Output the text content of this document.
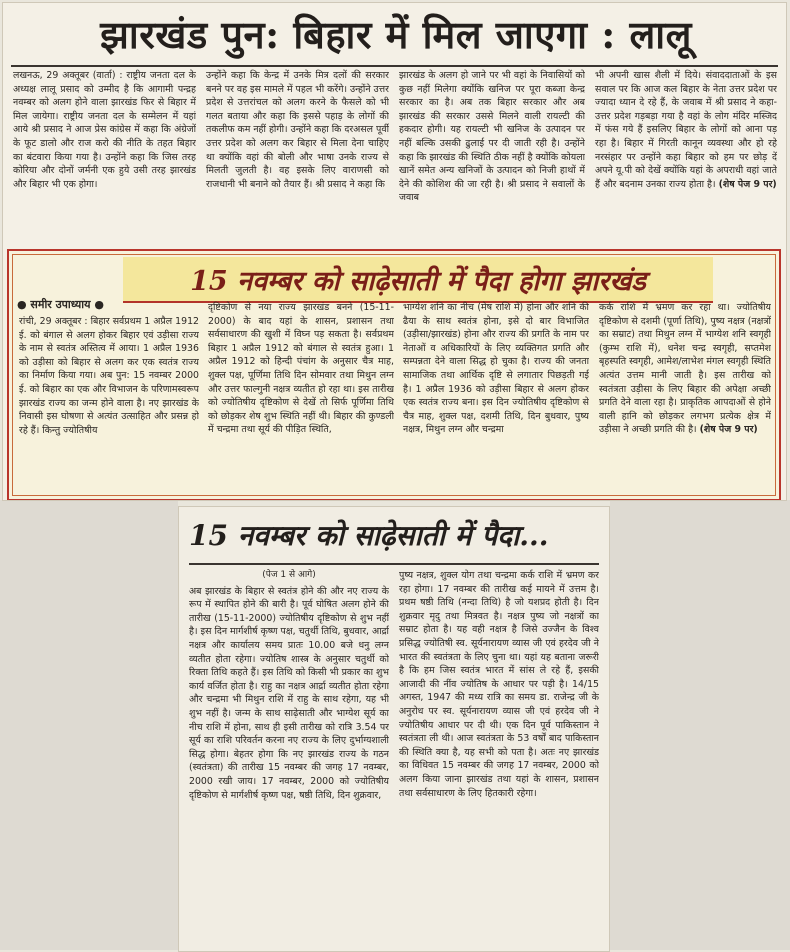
झारखंड पुन: बिहार में मिल जाएगा : लालू
लखनऊ, 29 अक्तूबर (वार्ता) : राष्ट्रीय जनता दल के अध्यक्ष लालू प्रसाद को उम्मीद है कि आगामी पन्द्रह नवम्बर को अलग होने वाला झारखंड फिर से बिहार में मिल जायेगा। राष्ट्रीय जनता दल के सम्मेलन में यहां आये श्री प्रसाद ने आज प्रेस कांग्रेस में कहा कि अंग्रेजों के फूट डालो और राज करो की नीति के तहत बिहार का बंटवारा किया गया है। उन्होंने कहा कि जिस तरह कोरिया और दोनों जर्मनी एक हुये उसी तरह झारखंड और बिहार भी एक होगा।
उन्होंने कहा कि केन्द्र में उनके मित्र दलों की सरकार बनने पर वह इस मामले में पहल भी करेंगे। उन्होंने उत्तर प्रदेश से उत्तरांचल को अलग करने के फैसले को भी गलत बताया और कहा कि इससे पहाड़ के लोगों की तकलीफ कम नहीं होगी। उन्होंने कहा कि दरअसल पूर्वी उत्तर प्रदेश को अलग कर बिहार से मिला देना चाहिए था क्योंकि वहां की बोली और भाषा उनके राज्य से मिलती जुलती है। वह इसके लिए वाराणसी को राजधानी भी बनाने को तैयार हैं। श्री प्रसाद ने कहा कि
झारखंड के अलग हो जाने पर भी वहां के निवासियों को कुछ नहीं मिलेगा क्योंकि खनिज पर पूरा कब्जा केन्द्र सरकार का है। अब तक बिहार सरकार और अब झारखंड की सरकार उससे मिलने वाली रायल्टी की हकदार होगी। यह रायल्टी भी खनिज के उत्पादन पर नहीं बल्कि उसकी ढुलाई पर दी जाती रही है। उन्होंने कहा कि झारखंड की स्थिति ठीक नहीं है क्योंकि कोयला खानें समेत अन्य खनिजों के उत्पादन को निजी हाथों में देने की कोशिश की जा रही है। श्री प्रसाद ने सवालों के जवाब
भी अपनी खास शैली में दिये। संवाददाताओं के इस सवाल पर कि आज कल बिहार के नेता उत्तर प्रदेश पर ज्यादा ध्यान दे रहे हैं, के जवाब में श्री प्रसाद ने कहा- उत्तर प्रदेश गड़बड़ा गया है वहां के लोग मंदिर मस्जिद में फंस गये हैं इसलिए बिहार के लोगों को आना पड़ रहा है। बिहार में गिरती कानून व्यवस्था और हो रहे नरसंहार पर उन्होंने कहा बिहार को हम पर छोड़ दें अपने यू.पी को देखें क्योंकि यहां के अपराधी वहां जाते हैं और बदनाम उनका राज्य होता है। (शेष पेज 9 पर)
15 नवम्बर को साढ़ेसाती में पैदा होगा झारखंड
● समीर उपाध्याय ●
रांची, 29 अक्तूबर : बिहार सर्वप्रथम 1 अप्रैल 1912 ई. को बंगाल से अलग होकर बिहार एवं उड़ीसा राज्य के नाम से स्वतंत्र अस्तित्व में आया। 1 अप्रैल 1936 को उड़ीसा को बिहार से अलग कर एक स्वतंत्र राज्य का निर्माण किया गया। अब पुन: 15 नवम्बर 2000 ई. को बिहार का एक और विभाजन के परिणामस्वरूप झारखंड राज्य का जन्म होने वाला है। नए झारखंड के निवासी इस घोषणा से अत्यंत उत्साहित और प्रसन्न हो रहे हैं। किन्तु ज्योतिषीय
दृष्टिकोण से नया राज्य झारखंड बनने (15-11-2000) के बाद यहां के शासन, प्रशासन तथा सर्वसाधारण की खुशी में विघ्न पड़ सकता है। सर्वप्रथम बिहार 1 अप्रैल 1912 को बंगाल से स्वतंत्र हुआ। 1 अप्रैल 1912 को हिन्दी पंचांग के अनुसार चैत्र माह, शुक्ल पक्ष, पूर्णिमा तिथि दिन सोमवार तथा मिथुन लग्न और उत्तर फाल्गुनी नक्षत्र व्यतीत हो रहा था। इस तारीख को ज्योतिषीय दृष्टिकोण से देखें तो सिर्फ पूर्णिमा तिथि को छोड़कर शेष शुभ स्थिति नहीं थी। बिहार की कुण्डली में चन्द्रमा तथा सूर्य की पीड़ित स्थिति,
भाग्येश शनि का नीच (मेष राशि में) होना और शनि की ढैया के साथ स्वतंत्र होना, इसे दो बार विभाजित (उड़ीसा/झारखंड) होना और राज्य की प्रगति के नाम पर नेताओं व अधिकारियों के लिए व्यक्तिगत प्रगति और सम्पन्नता देने वाला सिद्ध हो चुका है। राज्य की जनता सामाजिक तथा आर्थिक दृष्टि से लगातार पिछड़ती गई है। 1 अप्रैल 1936 को उड़ीसा बिहार से अलग होकर एक स्वतंत्र राज्य बना। इस दिन ज्योतिषीय दृष्टिकोण से चैत्र माह, शुक्ल पक्ष, दशमी तिथि, दिन बुधवार, पुष्य नक्षत्र, मिथुन लग्न और चन्द्रमा
कर्क राशि में भ्रमण कर रहा था। ज्योतिषीय दृष्टिकोण से दशमी (पूर्णा तिथि), पुष्य नक्षत्र (नक्षत्रों का सम्राट) तथा मिथुन लग्न में भाग्येश शनि स्वगृही (कुम्भ राशि में), धनेश चन्द्र स्वगृही, सप्तमेश बृहस्पति स्वगृही, आमेश/लाभेश मंगल स्वगृही स्थिति अत्यंत उत्तम मानी जाती है। इस तारीख को स्वतंत्रता उड़ीसा के लिए बिहार की अपेक्षा अच्छी प्रगति देने वाला रहा है। प्राकृतिक आपदाओं से होने वाली हानि को छोड़कर लगभग प्रत्येक क्षेत्र में उड़ीसा ने अच्छी प्रगति की है। (शेष पेज 9 पर)
15 नवम्बर को साढ़ेसाती में पैदा...
(पेज 1 से आगे)
अब झारखंड के बिहार से स्वतंत्र होने की और नए राज्य के रूप में स्थापित होने की बारी है। पूर्व घोषित अलग होने की तारीख (15-11-2000) ज्योतिषीय दृष्टिकोण से शुभ नहीं है। इस दिन मार्गशीर्ष कृष्ण पक्ष, चतुर्थी तिथि, बुधवार, आर्द्रा नक्षत्र और कार्यालय समय प्रातः 10.00 बजे धनु लग्न व्यतीत होता रहेगा। ज्योतिष शास्त्र के अनुसार चतुर्थी को रिक्ता तिथि कहते हैं। इस तिथि को किसी भी प्रकार का शुभ कार्य वर्जित होता है। राहु का नक्षत्र आर्द्रा व्यतीत होता रहेगा और चन्द्रमा भी मिथुन राशि में राहु के साथ रहेगा, यह भी शुभ नहीं है। जन्म के साथ साढ़ेसाती और भाग्येश सूर्य का नीच राशि में होना, साथ ही इसी तारीख को रात्रि 3.54 पर सूर्य का राशि परिवर्तन करना नए राज्य के लिए दुर्भाग्यशाली सिद्ध होगा। बेहतर होगा कि नए झारखंड राज्य के गठन (स्वतंत्रता) की तारीख 15 नवम्बर की जगह 17 नवम्बर, 2000 रखी जाय। 17 नवम्बर, 2000 को ज्योतिषीय दृष्टिकोण से मार्गशीर्ष कृष्ण पक्ष, षष्ठी तिथि, दिन शुक्रवार,
पुष्य नक्षत्र, शुक्ल योग तथा चन्द्रमा कर्क राशि में भ्रमण कर रहा होगा। 17 नवम्बर की तारीख कई मायने में उत्तम है। प्रथम षष्ठी तिथि (नन्दा तिथि) है जो यशप्रद होती है। दिन शुक्रवार मृदु तथा मित्रवत है। नक्षत्र पुष्य जो नक्षत्रों का सम्राट होता है। यह वही नक्षत्र है जिसे उज्जैन के विश्व प्रसिद्ध ज्योतिषी स्व. सूर्यनारायण व्यास जी एवं हरदेव जी ने भारत की स्वतंत्रता के लिए चुना था। यहां यह बताना जरूरी है कि हम जिस स्वतंत्र भारत में सांस ले रहे हैं, इसकी आजादी की नींव ज्योतिष के आधार पर पड़ी है। 14/15 अगस्त, 1947 की मध्य रात्रि का समय डा. राजेन्द्र जी के अनुरोध पर स्व. सूर्यनारायण व्यास जी एवं हरदेव जी ने ज्योतिषीय आधार पर दी थी। एक दिन पूर्व पाकिस्तान ने स्वतंत्रता ली थी। आज स्वतंत्रता के 53 वर्षों बाद पाकिस्तान की स्थिति क्या है, यह सभी को पता है। अतः नए झारखंड का विधिवत 15 नवम्बर की जगह 17 नवम्बर, 2000 को अलग किया जाना झारखंड तथा यहां के शासन, प्रशासन तथा सर्वसाधारण के लिए हितकारी रहेगा।
